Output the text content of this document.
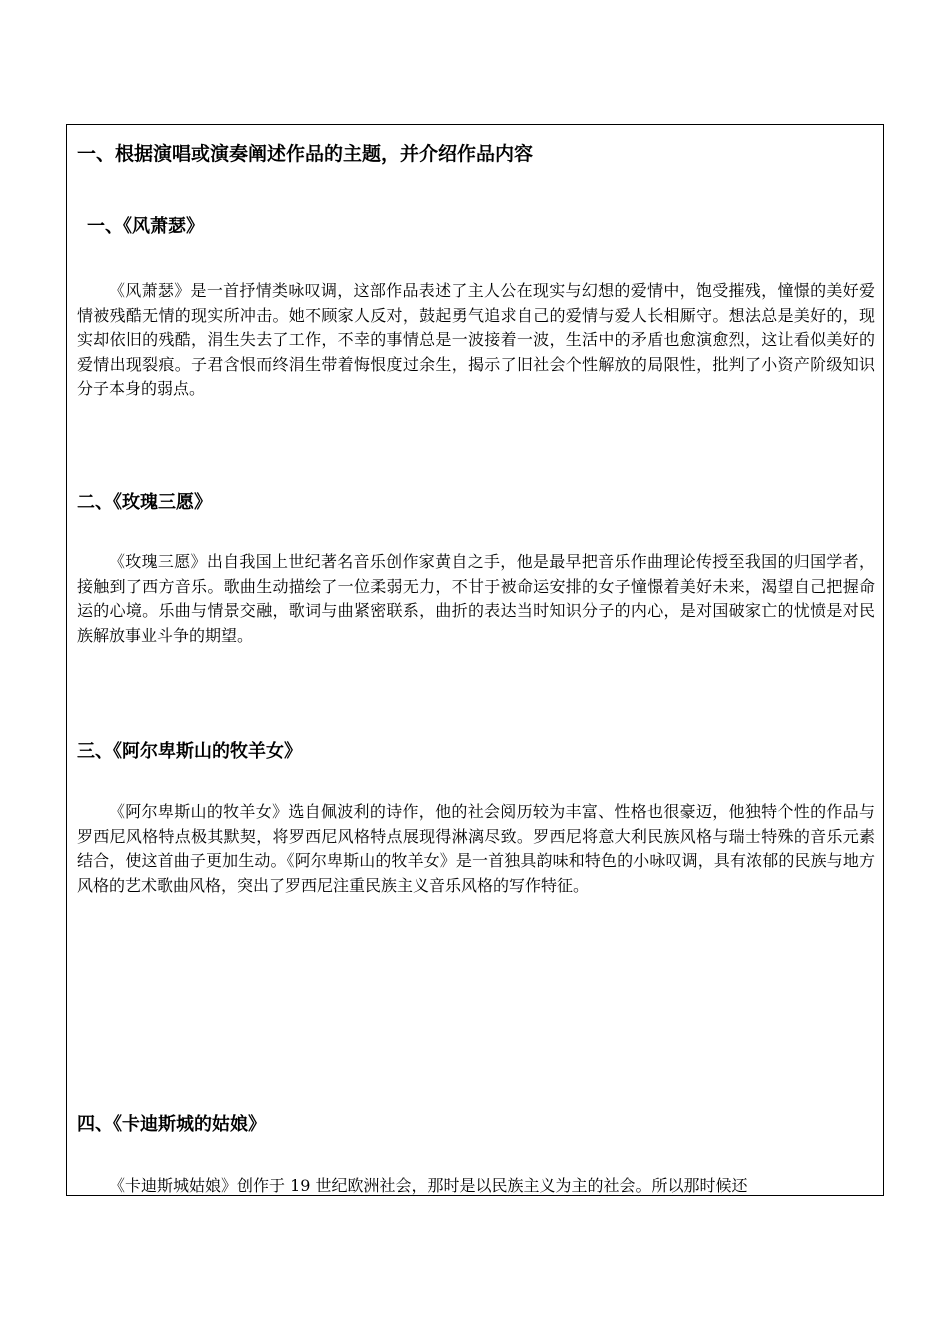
一、根据演唱或演奏阐述作品的主题，并介绍作品内容
一、《风萧瑟》
《风萧瑟》是一首抒情类咏叹调，这部作品表述了主人公在现实与幻想的爱情中，饱受摧残，憧憬的美好爱情被残酷无情的现实所冲击。她不顾家人反对，鼓起勇气追求自己的爱情与爱人长相厮守。想法总是美好的，现实却依旧的残酷，涓生失去了工作，不幸的事情总是一波接着一波，生活中的矛盾也愈演愈烈，这让看似美好的爱情出现裂痕。子君含恨而终涓生带着悔恨度过余生，揭示了旧社会个性解放的局限性，批判了小资产阶级知识分子本身的弱点。
二、《玫瑰三愿》
《玫瑰三愿》出自我国上世纪著名音乐创作家黄自之手，他是最早把音乐作曲理论传授至我国的归国学者，接触到了西方音乐。歌曲生动描绘了一位柔弱无力，不甘于被命运安排的女子憧憬着美好未来，渴望自己把握命运的心境。乐曲与情景交融，歌词与曲紧密联系，曲折的表达当时知识分子的内心，是对国破家亡的忧愤是对民族解放事业斗争的期望。
三、《阿尔卑斯山的牧羊女》
《阿尔卑斯山的牧羊女》选自佩波利的诗作，他的社会阅历较为丰富、性格也很豪迈，他独特个性的作品与罗西尼风格特点极其默契，将罗西尼风格特点展现得淋漓尽致。罗西尼将意大利民族风格与瑞士特殊的音乐元素结合，使这首曲子更加生动。《阿尔卑斯山的牧羊女》是一首独具韵味和特色的小咏叹调，具有浓郁的民族与地方风格的艺术歌曲风格，突出了罗西尼注重民族主义音乐风格的写作特征。
四、《卡迪斯城的姑娘》
《卡迪斯城姑娘》创作于 19 世纪欧洲社会，那时是以民族主义为主的社会。所以那时候还
